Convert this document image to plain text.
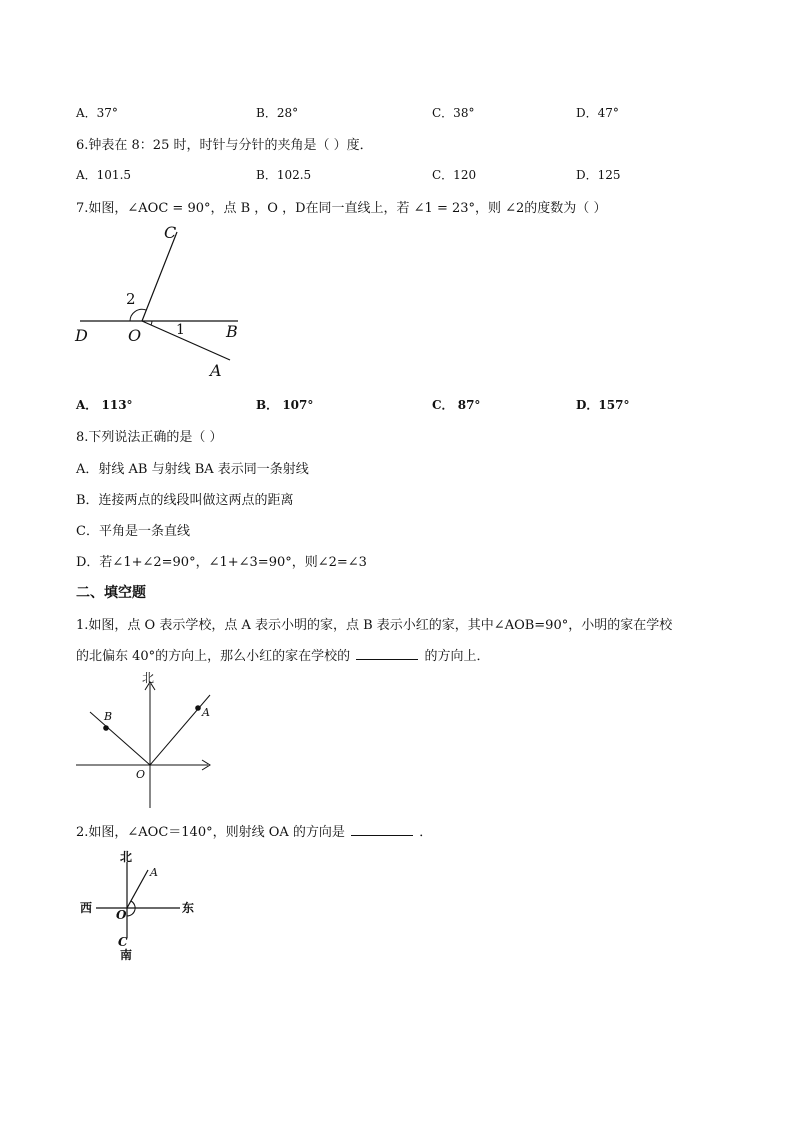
A．37°	B．28°	C．38°	D．47°
6.钟表在 8：25 时，时针与分针的夹角是（ ）度．
A．101.5	B．102.5	C．120	D．125
7.如图，∠AOC = 90°，点 B ，O ，D在同一直线上，若 ∠1 = 23°，则 ∠2的度数为（ ）
C
D	O	B
A
1
2
A． 113°	B． 107°	C． 87°	D．157°
8.下列说法正确的是（ ）
A．射线 AB 与射线 BA 表示同一条射线
B．连接两点的线段叫做这两点的距离
C．平角是一条直线
D．若∠1+∠2=90°，∠1+∠3=90°，则∠2=∠3
二、填空题
1.如图，点 O 表示学校，点 A 表示小明的家，点 B 表示小红的家，其中∠AOB=90°，小明的家在学校
的北偏东 40°的方向上，那么小红的家在学校的	的方向上．
北
A
B
O
2.如图，∠AOC＝140°，则射线 OA 的方向是	．
北
南
西	东
O
A
C
